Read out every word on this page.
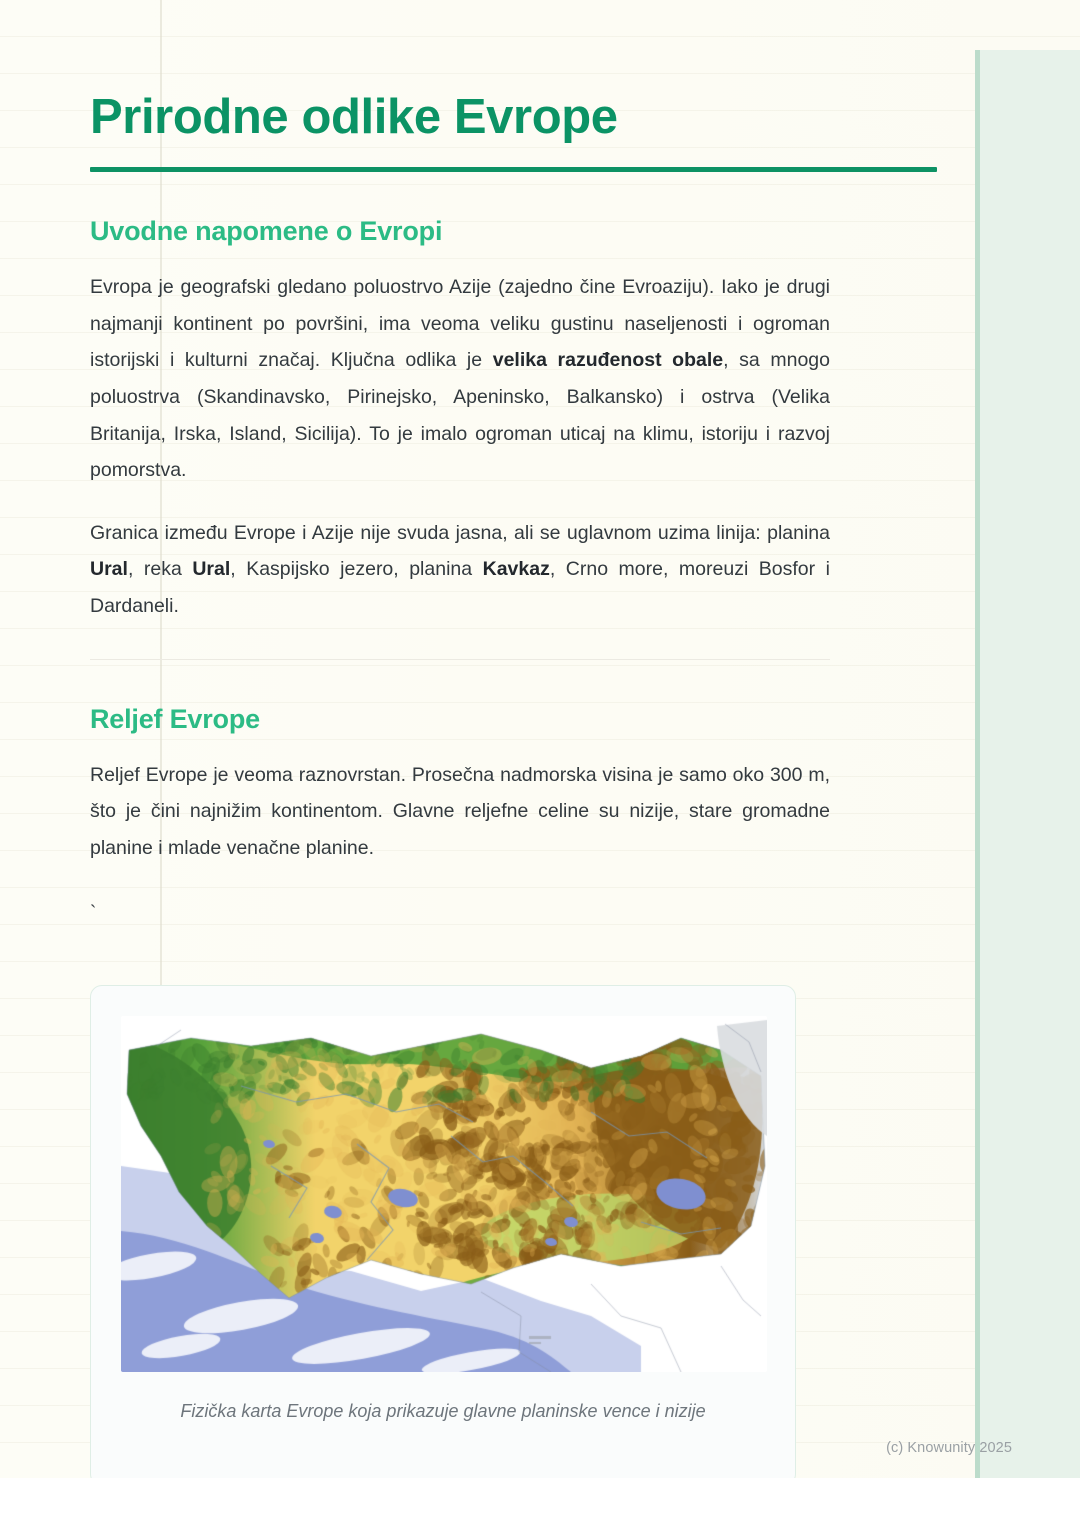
Prirodne odlike Evrope
Uvodne napomene o Evropi

Evropa je geografski gledano poluostrvo Azije (zajedno čine Evroaziju). Iako je drugi najmanji kontinent po površini, ima veoma veliku gustinu naseljenosti i ogroman istorijski i kulturni značaj. Ključna odlika je velika razuđenost obale, sa mnogo poluostrva (Skandinavsko, Pirinejsko, Apeninsko, Balkansko) i ostrva (Velika Britanija, Irska, Island, Sicilija). To je imalo ogroman uticaj na klimu, istoriju i razvoj pomorstva.

Granica između Evrope i Azije nije svuda jasna, ali se uglavnom uzima linija: planina Ural, reka Ural, Kaspijsko jezero, planina Kavkaz, Crno more, moreuzi Bosfor i Dardaneli.

Reljef Evrope

Reljef Evrope je veoma raznovrstan. Prosečna nadmorska visina je samo oko 300 m, što je čini najnižim kontinentom. Glavne reljefne celine su nizije, stare gromadne planine i mlade venačne planine.

`
Fizička karta Evrope koja prikazuje glavne planinske vence i nizije
(c) Knowunity 2025
